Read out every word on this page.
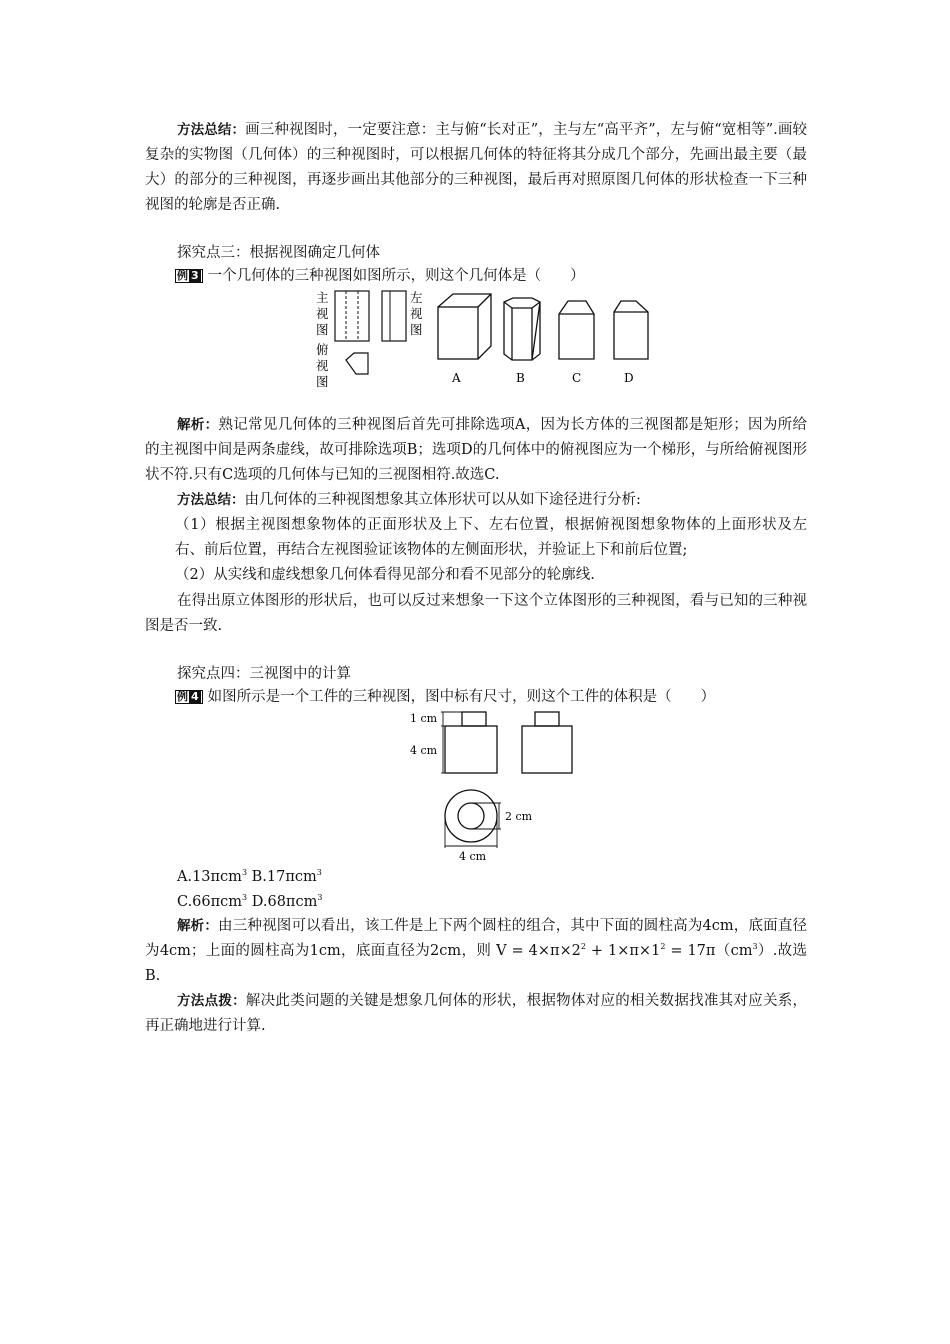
方法总结：画三种视图时，一定要注意：主与俯“长对正”，主与左“高平齐”，左与俯“宽相等”.画较复杂的实物图（几何体）的三种视图时，可以根据几何体的特征将其分成几个部分，先画出最主要（最大）的部分的三种视图，再逐步画出其他部分的三种视图，最后再对照原图几何体的形状检查一下三种视图的轮廓是否正确.

探究点三：根据视图确定几何体

例 3 一个几何体的三种视图如图所示，则这个几何体是（　　）

主
视
图
左
视
图
俯
视
图	A	B	C	D

解析：熟记常见几何体的三种视图后首先可排除选项A，因为长方体的三视图都是矩形；因为所给的主视图中间是两条虚线，故可排除选项B；选项D的几何体中的俯视图应为一个梯形，与所给俯视图形状不符.只有C选项的几何体与已知的三视图相符.故选C.

方法总结：由几何体的三种视图想象其立体形状可以从如下途径进行分析:

（1）根据主视图想象物体的正面形状及上下、左右位置，根据俯视图想象物体的上面形状及左右、前后位置，再结合左视图验证该物体的左侧面形状，并验证上下和前后位置;

（2）从实线和虚线想象几何体看得见部分和看不见部分的轮廓线.

在得出原立体图形的形状后，也可以反过来想象一下这个立体图形的三种视图，看与已知的三种视图是否一致.

探究点四：三视图中的计算

例 4 如图所示是一个工件的三种视图，图中标有尺寸，则这个工件的体积是（　　）

1 cm
4 cm
2 cm
4 cm

A.13πcm$^3$ B.17πcm$^3$

C.66πcm$^3$ D.68πcm$^3$

解析：由三种视图可以看出，该工件是上下两个圆柱的组合，其中下面的圆柱高为4cm，底面直径为4cm；上面的圆柱高为1cm，底面直径为2cm，则 $V = 4\times\pi\times 2^2 + 1\times\pi\times 1^2 = 17\pi(cm^3)$.故选B.

方法点拨：解决此类问题的关键是想象几何体的形状，根据物体对应的相关数据找准其对应关系，再正确地进行计算.
